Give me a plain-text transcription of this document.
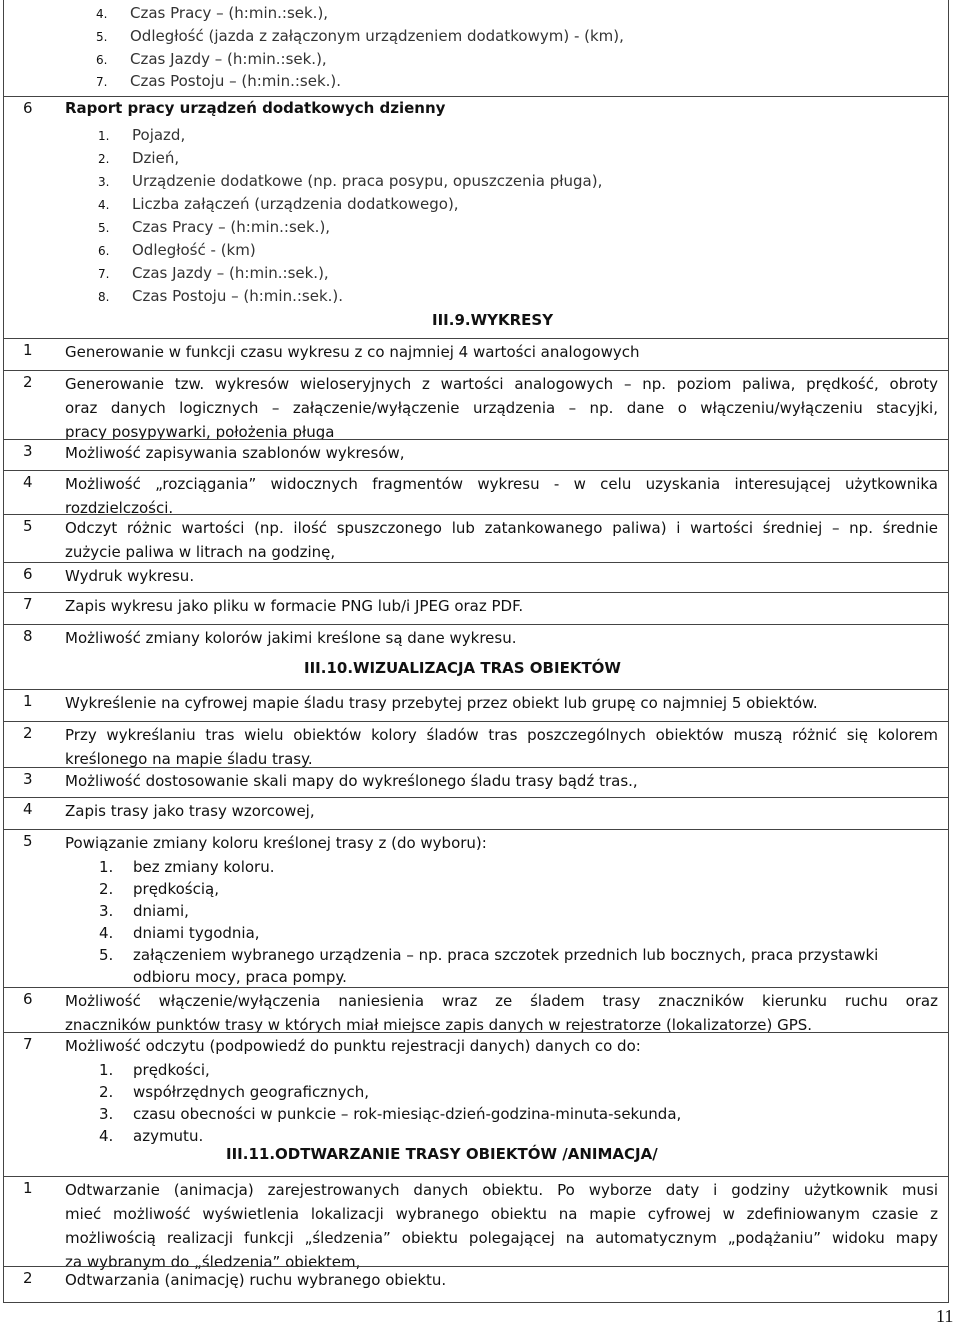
4. Czas Pracy – (h:min.:sek.),
5. Odległość (jazda z załączonym urządzeniem dodatkowym) - (km),
6. Czas Jazdy – (h:min.:sek.),
7. Czas Postoju – (h:min.:sek.).
6 Raport pracy urządzeń dodatkowych dzienny
1. Pojazd,
2. Dzień,
3. Urządzenie dodatkowe (np. praca posypu, opuszczenia pługa),
4. Liczba załączeń (urządzenia dodatkowego),
5. Czas Pracy – (h:min.:sek.),
6. Odległość - (km)
7. Czas Jazdy – (h:min.:sek.),
8. Czas Postoju – (h:min.:sek.).
III.9.WYKRESY
1 Generowanie w funkcji czasu wykresu z co najmniej 4 wartości analogowych
2 Generowanie tzw. wykresów wieloseryjnych z wartości analogowych – np. poziom paliwa, prędkość, obroty
oraz danych logicznych – załączenie/wyłączenie urządzenia – np. dane o włączeniu/wyłączeniu stacyjki,
pracy posypywarki, położenia pługa
3 Możliwość zapisywania szablonów wykresów,
4 Możliwość „rozciągania” widocznych fragmentów wykresu - w celu uzyskania interesującej użytkownika
rozdzielczości.
5 Odczyt różnic wartości (np. ilość spuszczonego lub zatankowanego paliwa) i wartości średniej – np. średnie
zużycie paliwa w litrach na godzinę,
6 Wydruk wykresu.
7 Zapis wykresu jako pliku w formacie PNG lub/i JPEG oraz PDF.
8 Możliwość zmiany kolorów jakimi kreślone są dane wykresu.
III.10.WIZUALIZACJA TRAS OBIEKTÓW
1 Wykreślenie na cyfrowej mapie śladu trasy przebytej przez obiekt lub grupę co najmniej 5 obiektów.
2 Przy wykreślaniu tras wielu obiektów kolory śladów tras poszczególnych obiektów muszą różnić się kolorem
kreślonego na mapie śladu trasy.
3 Możliwość dostosowanie skali mapy do wykreślonego śladu trasy bądź tras.,
4 Zapis trasy jako trasy wzorcowej,
5 Powiązanie zmiany koloru kreślonej trasy z (do wyboru):
1. bez zmiany koloru.
2. prędkością,
3. dniami,
4. dniami tygodnia,
5. załączeniem wybranego urządzenia – np. praca szczotek przednich lub bocznych, praca przystawki
odbioru mocy, praca pompy.
6 Możliwość włączenie/wyłączenia naniesienia wraz ze śladem trasy znaczników kierunku ruchu oraz
znaczników punktów trasy w których miał miejsce zapis danych w rejestratorze (lokalizatorze) GPS.
7 Możliwość odczytu (podpowiedź do punktu rejestracji danych) danych co do:
1. prędkości,
2. współrzędnych geograficznych,
3. czasu obecności w punkcie – rok-miesiąc-dzień-godzina-minuta-sekunda,
4. azymutu.
III.11.ODTWARZANIE TRASY OBIEKTÓW /ANIMACJA/
1 Odtwarzanie (animacja) zarejestrowanych danych obiektu. Po wyborze daty i godziny użytkownik musi
mieć możliwość wyświetlenia lokalizacji wybranego obiektu na mapie cyfrowej w zdefiniowanym czasie z
możliwością realizacji funkcji „śledzenia” obiektu polegającej na automatycznym „podążaniu” widoku mapy
za wybranym do „śledzenia” obiektem,
2 Odtwarzania (animację) ruchu wybranego obiektu.
11
